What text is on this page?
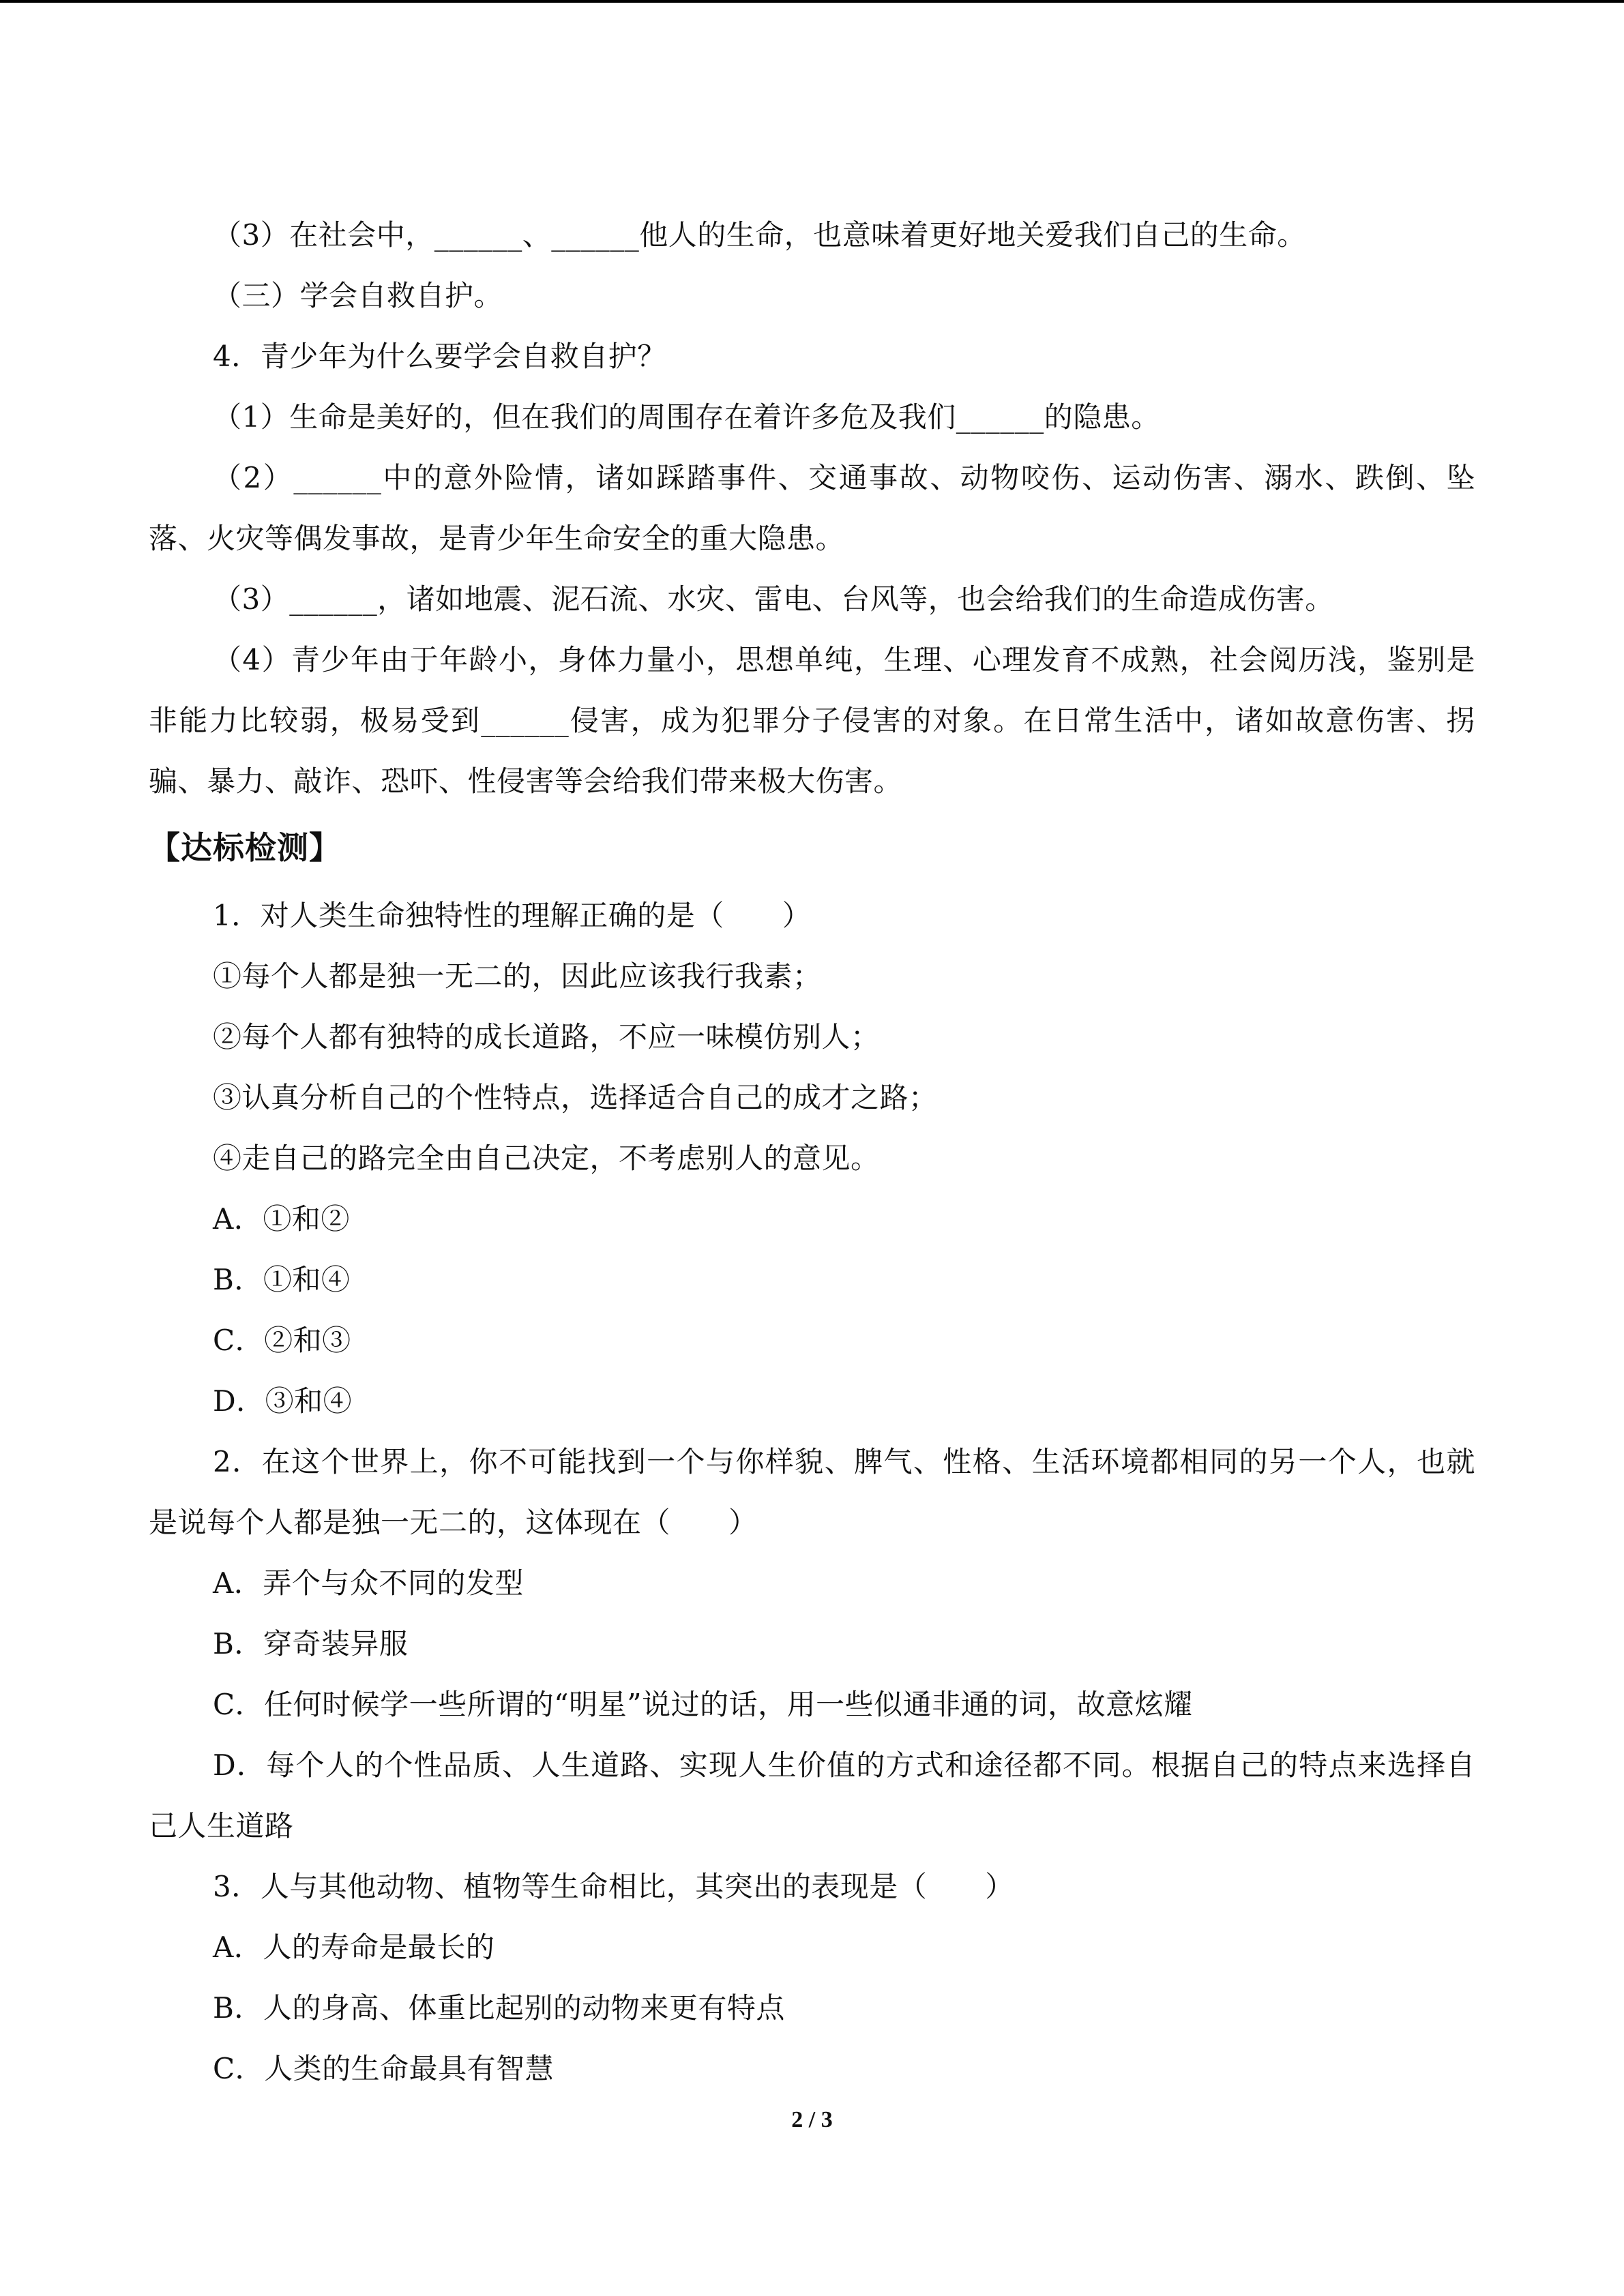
（3）在社会中，______、______他人的生命，也意味着更好地关爱我们自己的生命。
（三）学会自救自护。
4．青少年为什么要学会自救自护？
（1）生命是美好的，但在我们的周围存在着许多危及我们______的隐患。
（2）______中的意外险情，诸如踩踏事件、交通事故、动物咬伤、运动伤害、溺水、跌倒、坠落、火灾等偶发事故，是青少年生命安全的重大隐患。
（3）______，诸如地震、泥石流、水灾、雷电、台风等，也会给我们的生命造成伤害。
（4）青少年由于年龄小，身体力量小，思想单纯，生理、心理发育不成熟，社会阅历浅，鉴别是非能力比较弱，极易受到______侵害，成为犯罪分子侵害的对象。在日常生活中，诸如故意伤害、拐骗、暴力、敲诈、恐吓、性侵害等会给我们带来极大伤害。
【达标检测】
1．对人类生命独特性的理解正确的是（　　）
①每个人都是独一无二的，因此应该我行我素；
②每个人都有独特的成长道路，不应一味模仿别人；
③认真分析自己的个性特点，选择适合自己的成才之路；
④走自己的路完全由自己决定，不考虑别人的意见。
A．①和②
B．①和④
C．②和③
D．③和④
2．在这个世界上，你不可能找到一个与你样貌、脾气、性格、生活环境都相同的另一个人，也就是说每个人都是独一无二的，这体现在（　　）
A．弄个与众不同的发型
B．穿奇装异服
C．任何时候学一些所谓的“明星”说过的话，用一些似通非通的词，故意炫耀
D．每个人的个性品质、人生道路、实现人生价值的方式和途径都不同。根据自己的特点来选择自己人生道路
3．人与其他动物、植物等生命相比，其突出的表现是（　　）
A．人的寿命是最长的
B．人的身高、体重比起别的动物来更有特点
C．人类的生命最具有智慧
2 / 3
